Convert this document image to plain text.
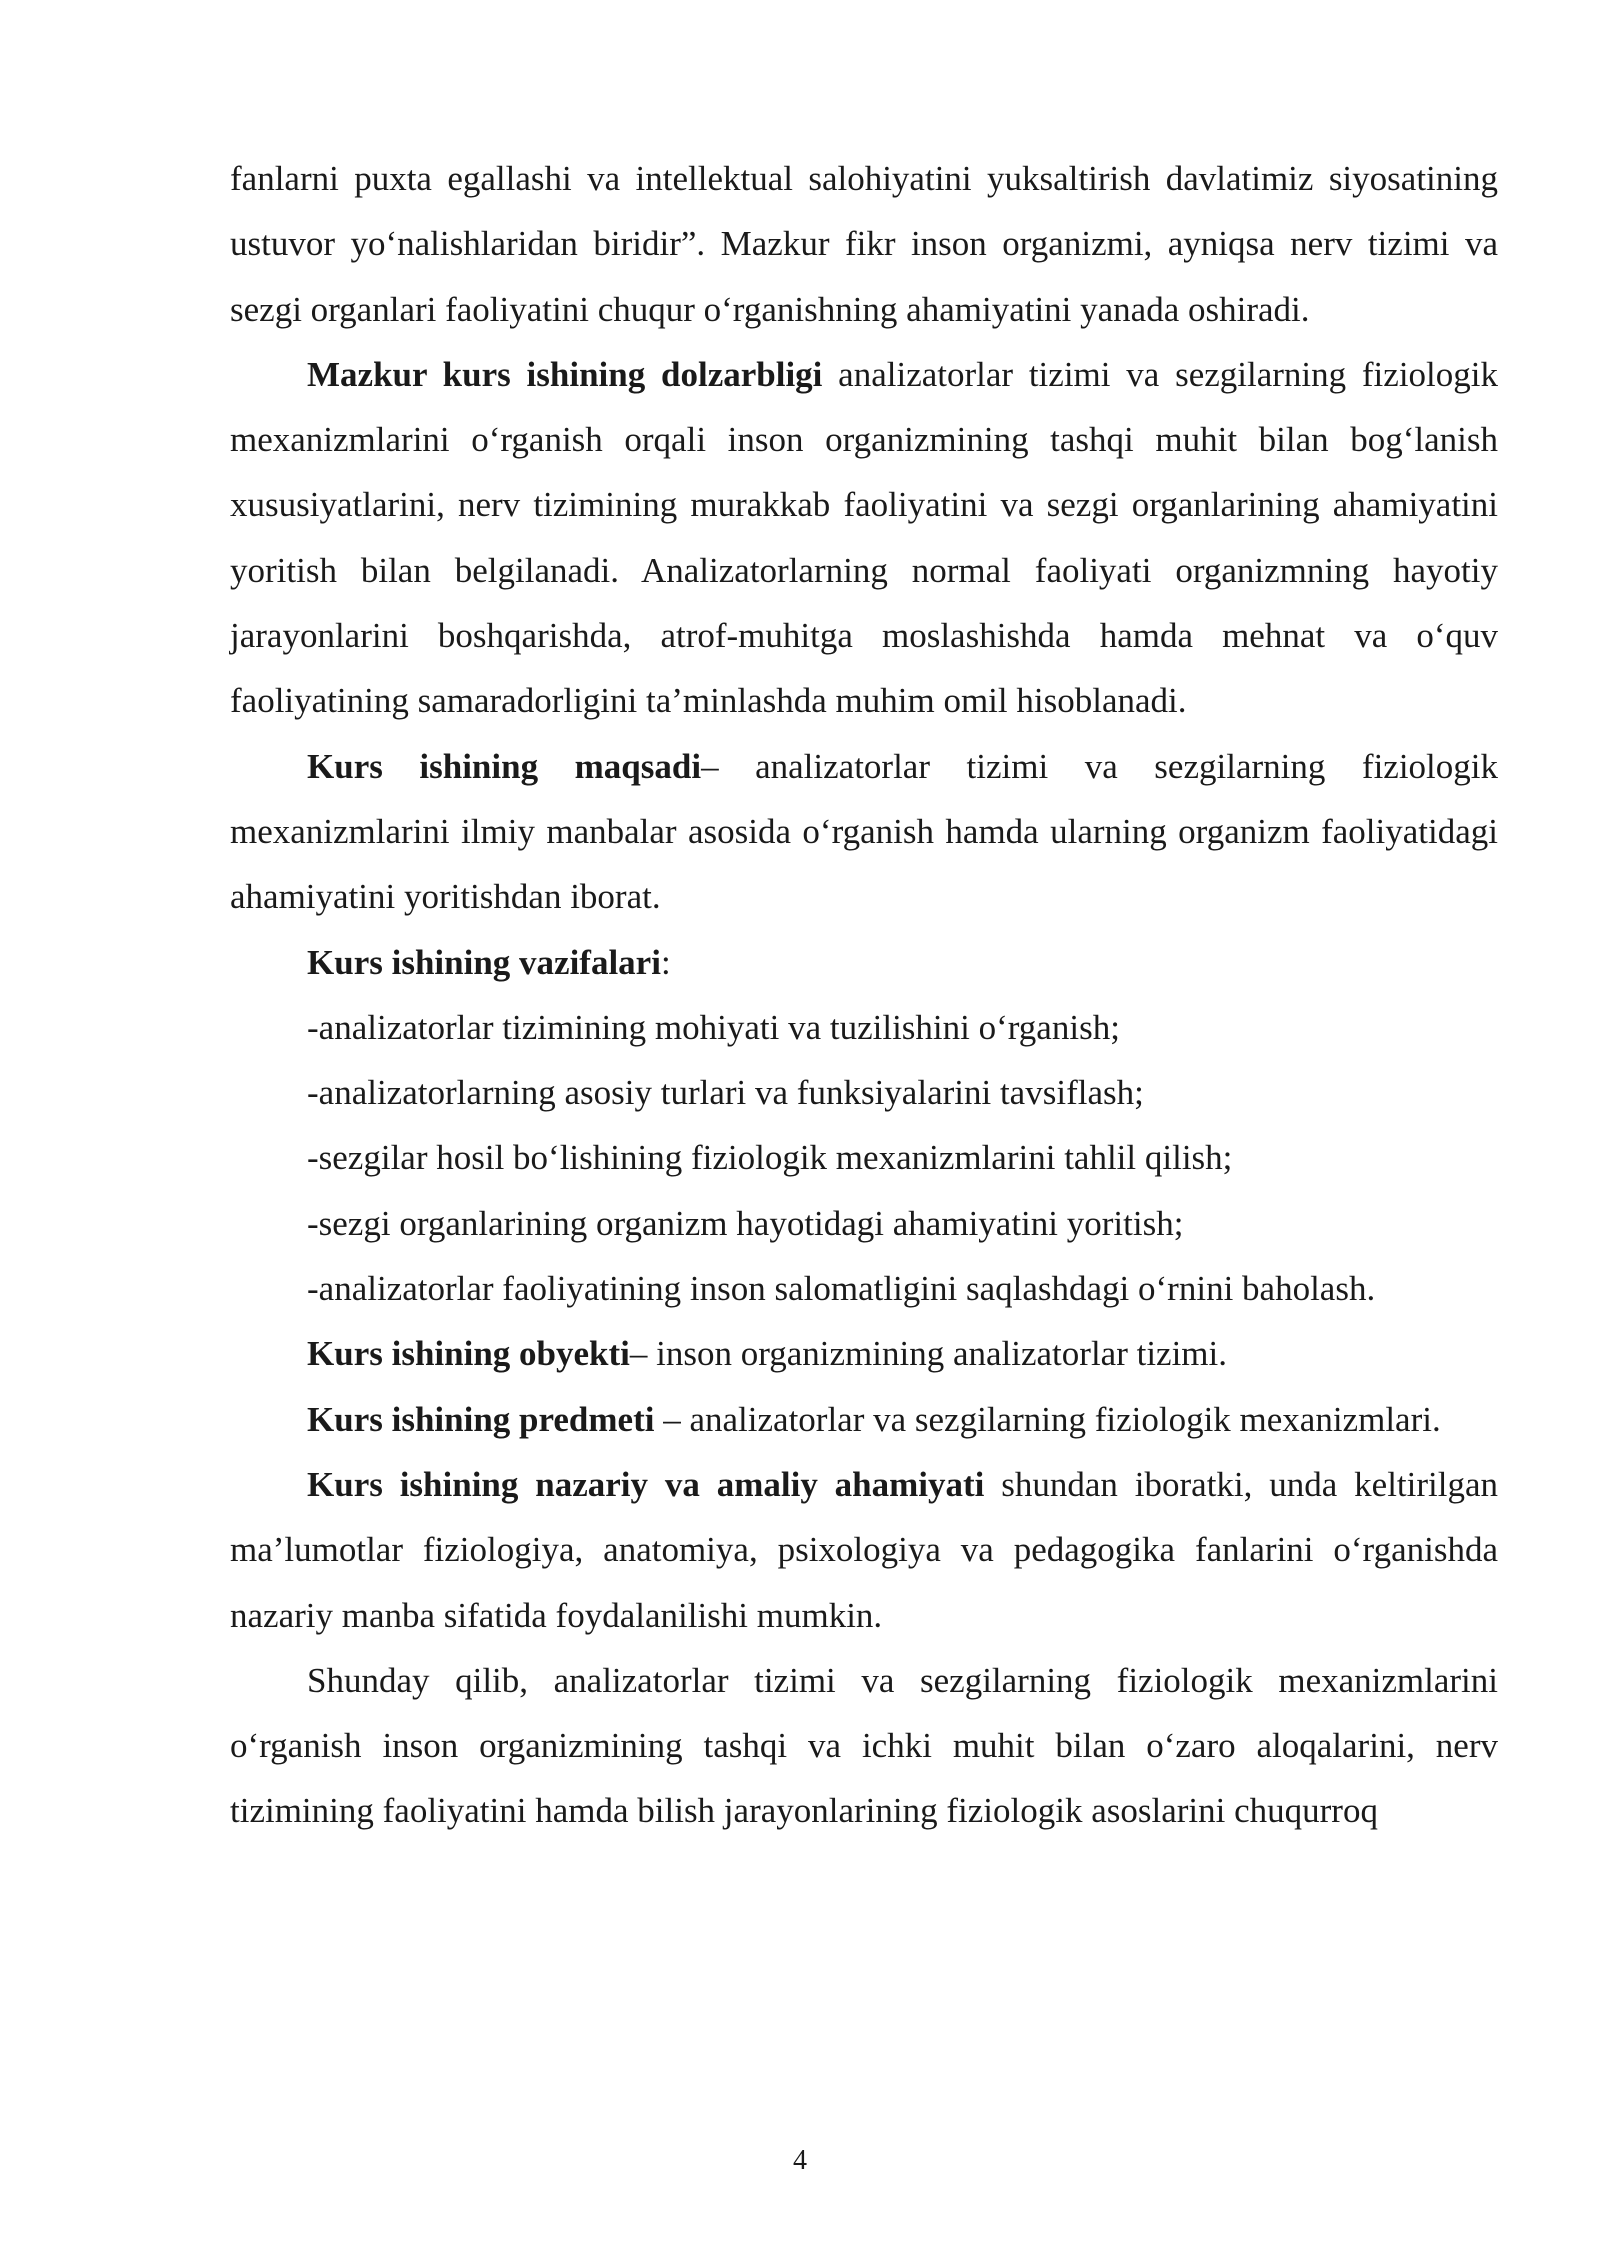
fanlarni puxta egallashi va intellektual salohiyatini yuksaltirish davlatimiz siyosatining ustuvor yo‘nalishlaridan biridir”. Mazkur fikr inson organizmi, ayniqsa nerv tizimi va sezgi organlari faoliyatini chuqur o‘rganishning ahamiyatini yanada oshiradi.

Mazkur kurs ishining dolzarbligi analizatorlar tizimi va sezgilarning fiziologik mexanizmlarini o‘rganish orqali inson organizmining tashqi muhit bilan bog‘lanish xususiyatlarini, nerv tizimining murakkab faoliyatini va sezgi organlarining ahamiyatini yoritish bilan belgilanadi. Analizatorlarning normal faoliyati organizmning hayotiy jarayonlarini boshqarishda, atrof-muhitga moslashishda hamda mehnat va o‘quv faoliyatining samaradorligini ta’minlashda muhim omil hisoblanadi.

Kurs ishining maqsadi– analizatorlar tizimi va sezgilarning fiziologik mexanizmlarini ilmiy manbalar asosida o‘rganish hamda ularning organizm faoliyatidagi ahamiyatini yoritishdan iborat.

Kurs ishining vazifalari:

-analizatorlar tizimining mohiyati va tuzilishini o‘rganish;

-analizatorlarning asosiy turlari va funksiyalarini tavsiflash;

-sezgilar hosil bo‘lishining fiziologik mexanizmlarini tahlil qilish;

-sezgi organlarining organizm hayotidagi ahamiyatini yoritish;

-analizatorlar faoliyatining inson salomatligini saqlashdagi o‘rnini baholash.

Kurs ishining obyekti– inson organizmining analizatorlar tizimi.

Kurs ishining predmeti – analizatorlar va sezgilarning fiziologik mexanizmlari.

Kurs ishining nazariy va amaliy ahamiyati shundan iboratki, unda keltirilgan ma’lumotlar fiziologiya, anatomiya, psixologiya va pedagogika fanlarini o‘rganishda nazariy manba sifatida foydalanilishi mumkin.

Shunday qilib, analizatorlar tizimi va sezgilarning fiziologik mexanizmlarini o‘rganish inson organizmining tashqi va ichki muhit bilan o‘zaro aloqalarini, nerv tizimining faoliyatini hamda bilish jarayonlarining fiziologik asoslarini chuqurroq

4
